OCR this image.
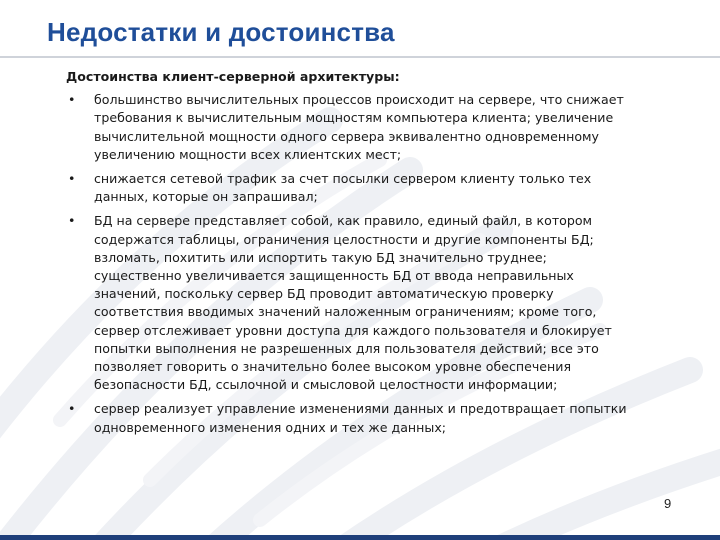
Недостатки и достоинства

Достоинства клиент-серверной архитектуры:

• большинство вычислительных процессов происходит на сервере, что снижает
требования к вычислительным мощностям компьютера клиента; увеличение
вычислительной мощности одного сервера эквивалентно одновременному
увеличению мощности всех клиентских мест;
• снижается сетевой трафик за счет посылки сервером клиенту только тех
данных, которые он запрашивал;
• БД на сервере представляет собой, как правило, единый файл, в котором
содержатся таблицы, ограничения целостности и другие компоненты БД;
взломать, похитить или испортить такую БД значительно труднее;
существенно увеличивается защищенность БД от ввода неправильных
значений, поскольку сервер БД проводит автоматическую проверку
соответствия вводимых значений наложенным ограничениям; кроме того,
сервер отслеживает уровни доступа для каждого пользователя и блокирует
попытки выполнения не разрешенных для пользователя действий; все это
позволяет говорить о значительно более высоком уровне обеспечения
безопасности БД, ссылочной и смысловой целостности информации;
• сервер реализует управление изменениями данных и предотвращает попытки
одновременного изменения одних и тех же данных;
9
